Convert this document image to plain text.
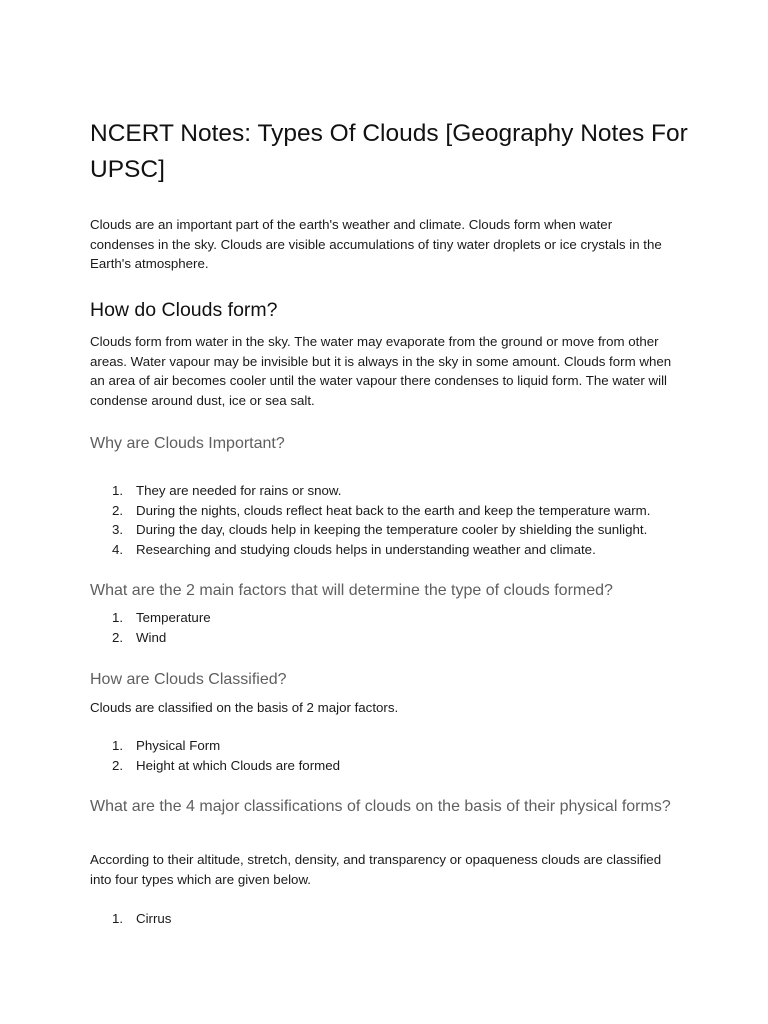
NCERT Notes: Types Of Clouds [Geography Notes For UPSC]

Clouds are an important part of the earth's weather and climate. Clouds form when water condenses in the sky. Clouds are visible accumulations of tiny water droplets or ice crystals in the Earth's atmosphere.

How do Clouds form?

Clouds form from water in the sky. The water may evaporate from the ground or move from other areas. Water vapour may be invisible but it is always in the sky in some amount. Clouds form when an area of air becomes cooler until the water vapour there condenses to liquid form. The water will condense around dust, ice or sea salt.

Why are Clouds Important?
1. They are needed for rains or snow.
2. During the nights, clouds reflect heat back to the earth and keep the temperature warm.
3. During the day, clouds help in keeping the temperature cooler by shielding the sunlight.
4. Researching and studying clouds helps in understanding weather and climate.
What are the 2 main factors that will determine the type of clouds formed?
1. Temperature
2. Wind
How are Clouds Classified?

Clouds are classified on the basis of 2 major factors.

1. Physical Form
2. Height at which Clouds are formed
What are the 4 major classifications of clouds on the basis of their physical forms?

According to their altitude, stretch, density, and transparency or opaqueness clouds are classified into four types which are given below.

1. Cirrus
